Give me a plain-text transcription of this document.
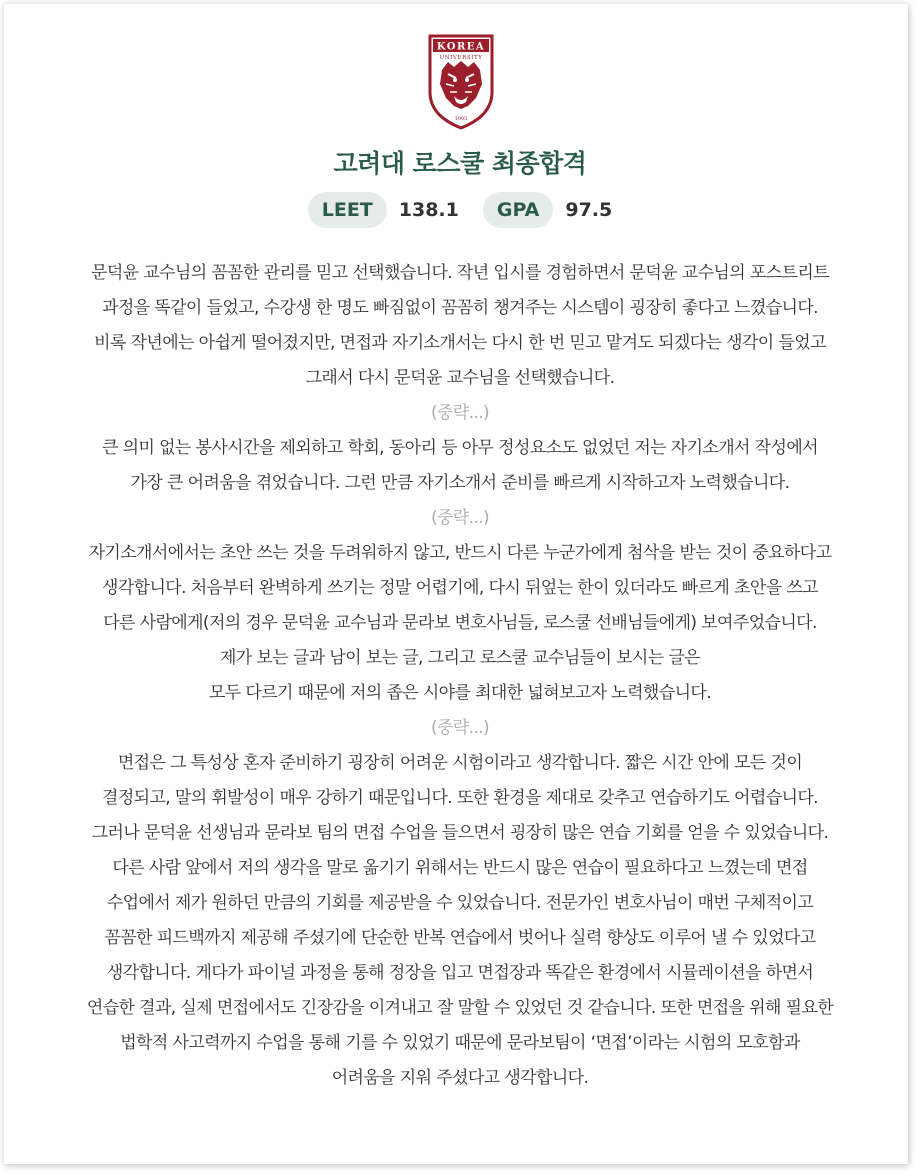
KOREA
UNIVERSITY
1905
고려대 로스쿨 최종합격
LEET	138.1	GPA	97.5
문덕윤 교수님의 꼼꼼한 관리를 믿고 선택했습니다. 작년 입시를 경험하면서 문덕윤 교수님의 포스트리트
과정을 똑같이 들었고, 수강생 한 명도 빠짐없이 꼼꼼히 챙겨주는 시스템이 굉장히 좋다고 느꼈습니다.
비록 작년에는 아쉽게 떨어졌지만, 면접과 자기소개서는 다시 한 번 믿고 맡겨도 되겠다는 생각이 들었고
그래서 다시 문덕윤 교수님을 선택했습니다.
(중략...)
큰 의미 없는 봉사시간을 제외하고 학회, 동아리 등 아무 정성요소도 없었던 저는 자기소개서 작성에서
가장 큰 어려움을 겪었습니다. 그런 만큼 자기소개서 준비를 빠르게 시작하고자 노력했습니다.
(중략...)
자기소개서에서는 초안 쓰는 것을 두려워하지 않고, 반드시 다른 누군가에게 첨삭을 받는 것이 중요하다고
생각합니다. 처음부터 완벽하게 쓰기는 정말 어렵기에, 다시 뒤엎는 한이 있더라도 빠르게 초안을 쓰고
다른 사람에게(저의 경우 문덕윤 교수님과 문라보 변호사님들, 로스쿨 선배님들에게) 보여주었습니다.
제가 보는 글과 남이 보는 글, 그리고 로스쿨 교수님들이 보시는 글은
모두 다르기 때문에 저의 좁은 시야를 최대한 넓혀보고자 노력했습니다.
(중략...)
면접은 그 특성상 혼자 준비하기 굉장히 어려운 시험이라고 생각합니다. 짧은 시간 안에 모든 것이
결정되고, 말의 휘발성이 매우 강하기 때문입니다. 또한 환경을 제대로 갖추고 연습하기도 어렵습니다.
그러나 문덕윤 선생님과 문라보 팀의 면접 수업을 들으면서 굉장히 많은 연습 기회를 얻을 수 있었습니다.
다른 사람 앞에서 저의 생각을 말로 옮기기 위해서는 반드시 많은 연습이 필요하다고 느꼈는데 면접
수업에서 제가 원하던 만큼의 기회를 제공받을 수 있었습니다. 전문가인 변호사님이 매번 구체적이고
꼼꼼한 피드백까지 제공해 주셨기에 단순한 반복 연습에서 벗어나 실력 향상도 이루어 낼 수 있었다고
생각합니다. 게다가 파이널 과정을 통해 정장을 입고 면접장과 똑같은 환경에서 시뮬레이션을 하면서
연습한 결과, 실제 면접에서도 긴장감을 이겨내고 잘 말할 수 있었던 것 같습니다. 또한 면접을 위해 필요한
법학적 사고력까지 수업을 통해 기를 수 있었기 때문에 문라보팀이 ‘면접’이라는 시험의 모호함과
어려움을 지워 주셨다고 생각합니다.
